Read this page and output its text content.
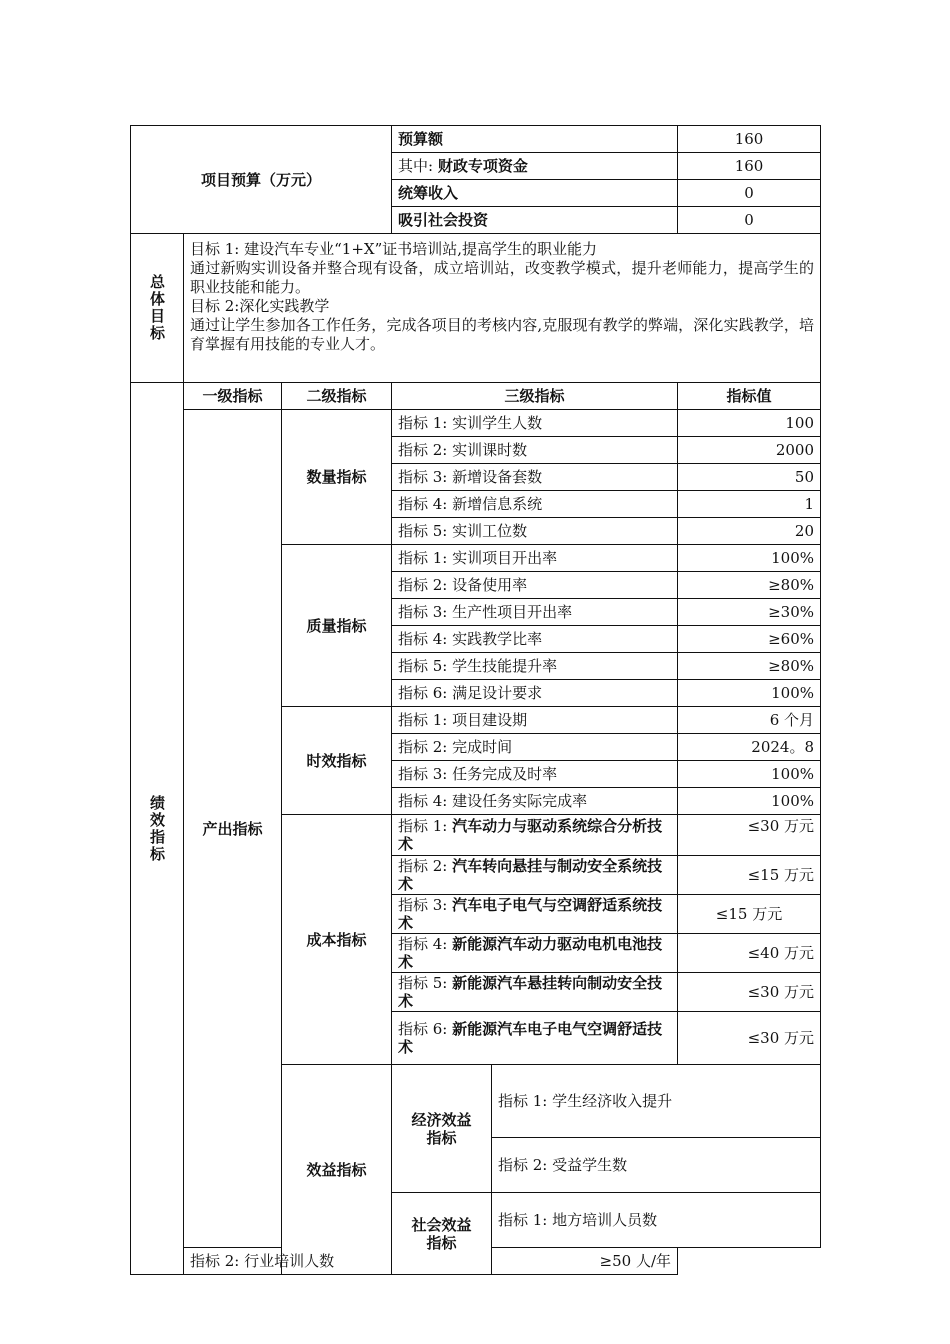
项目预算（万元）			预算额		160	
			其中: 财政专项资金		160	
			统筹收入		0	
			吸引社会投资		0	

总体目标	目标 1: 建设汽车专业“1+X”证书培训站,提高学生的职业能力
通过新购实训设备并整合现有设备，成立培训站，改变教学模式，提升老师能力，提高学生的职业技能和能力。
目标 2:深化实践教学
通过让学生参加各工作任务，完成各项目的考核内容,克服现有教学的弊端，深化实践教学，培育掌握有用技能的专业人才。					

绩效指标	一级指标	二级指标	三级指标		指标值	
	产出指标	数量指标	指标 1: 实训学生人数		100	
			指标 2: 实训课时数		2000	
			指标 3: 新增设备套数		50	
			指标 4: 新增信息系统		1	
			指标 5: 实训工位数		20	
		质量指标	指标 1: 实训项目开出率		100%	
			指标 2: 设备使用率		≥80%	
			指标 3: 生产性项目开出率		≥30%	
			指标 4: 实践教学比率		≥60%	
			指标 5: 学生技能提升率		≥80%	
			指标 6: 满足设计要求		100%	
		时效指标	指标 1: 项目建设期		6 个月	
			指标 2: 完成时间		2024。8	
			指标 3: 任务完成及时率		100%	
			指标 4: 建设任务实际完成率		100%	
		成本指标	指标 1: 汽车动力与驱动系统综合分析技术		≤30 万元	
			指标 2: 汽车转向悬挂与制动安全系统技术		≤15 万元	
			指标 3: 汽车电子电气与空调舒适系统技术		≤15 万元	
			指标 4: 新能源汽车动力驱动电机电池技术		≤40 万元	
			指标 5: 新能源汽车悬挂转向制动安全技术		≤30 万元	
			指标 6: 新能源汽车电子电气空调舒适技术		≤30 万元	
		效益指标	经济效益指标	指标 1: 学生经济收入提升	
				指标 2: 受益学生数	
			社会效益指标	指标 1: 地方培训人员数	
	指标 2: 行业培训人数			≥50 人/年		
